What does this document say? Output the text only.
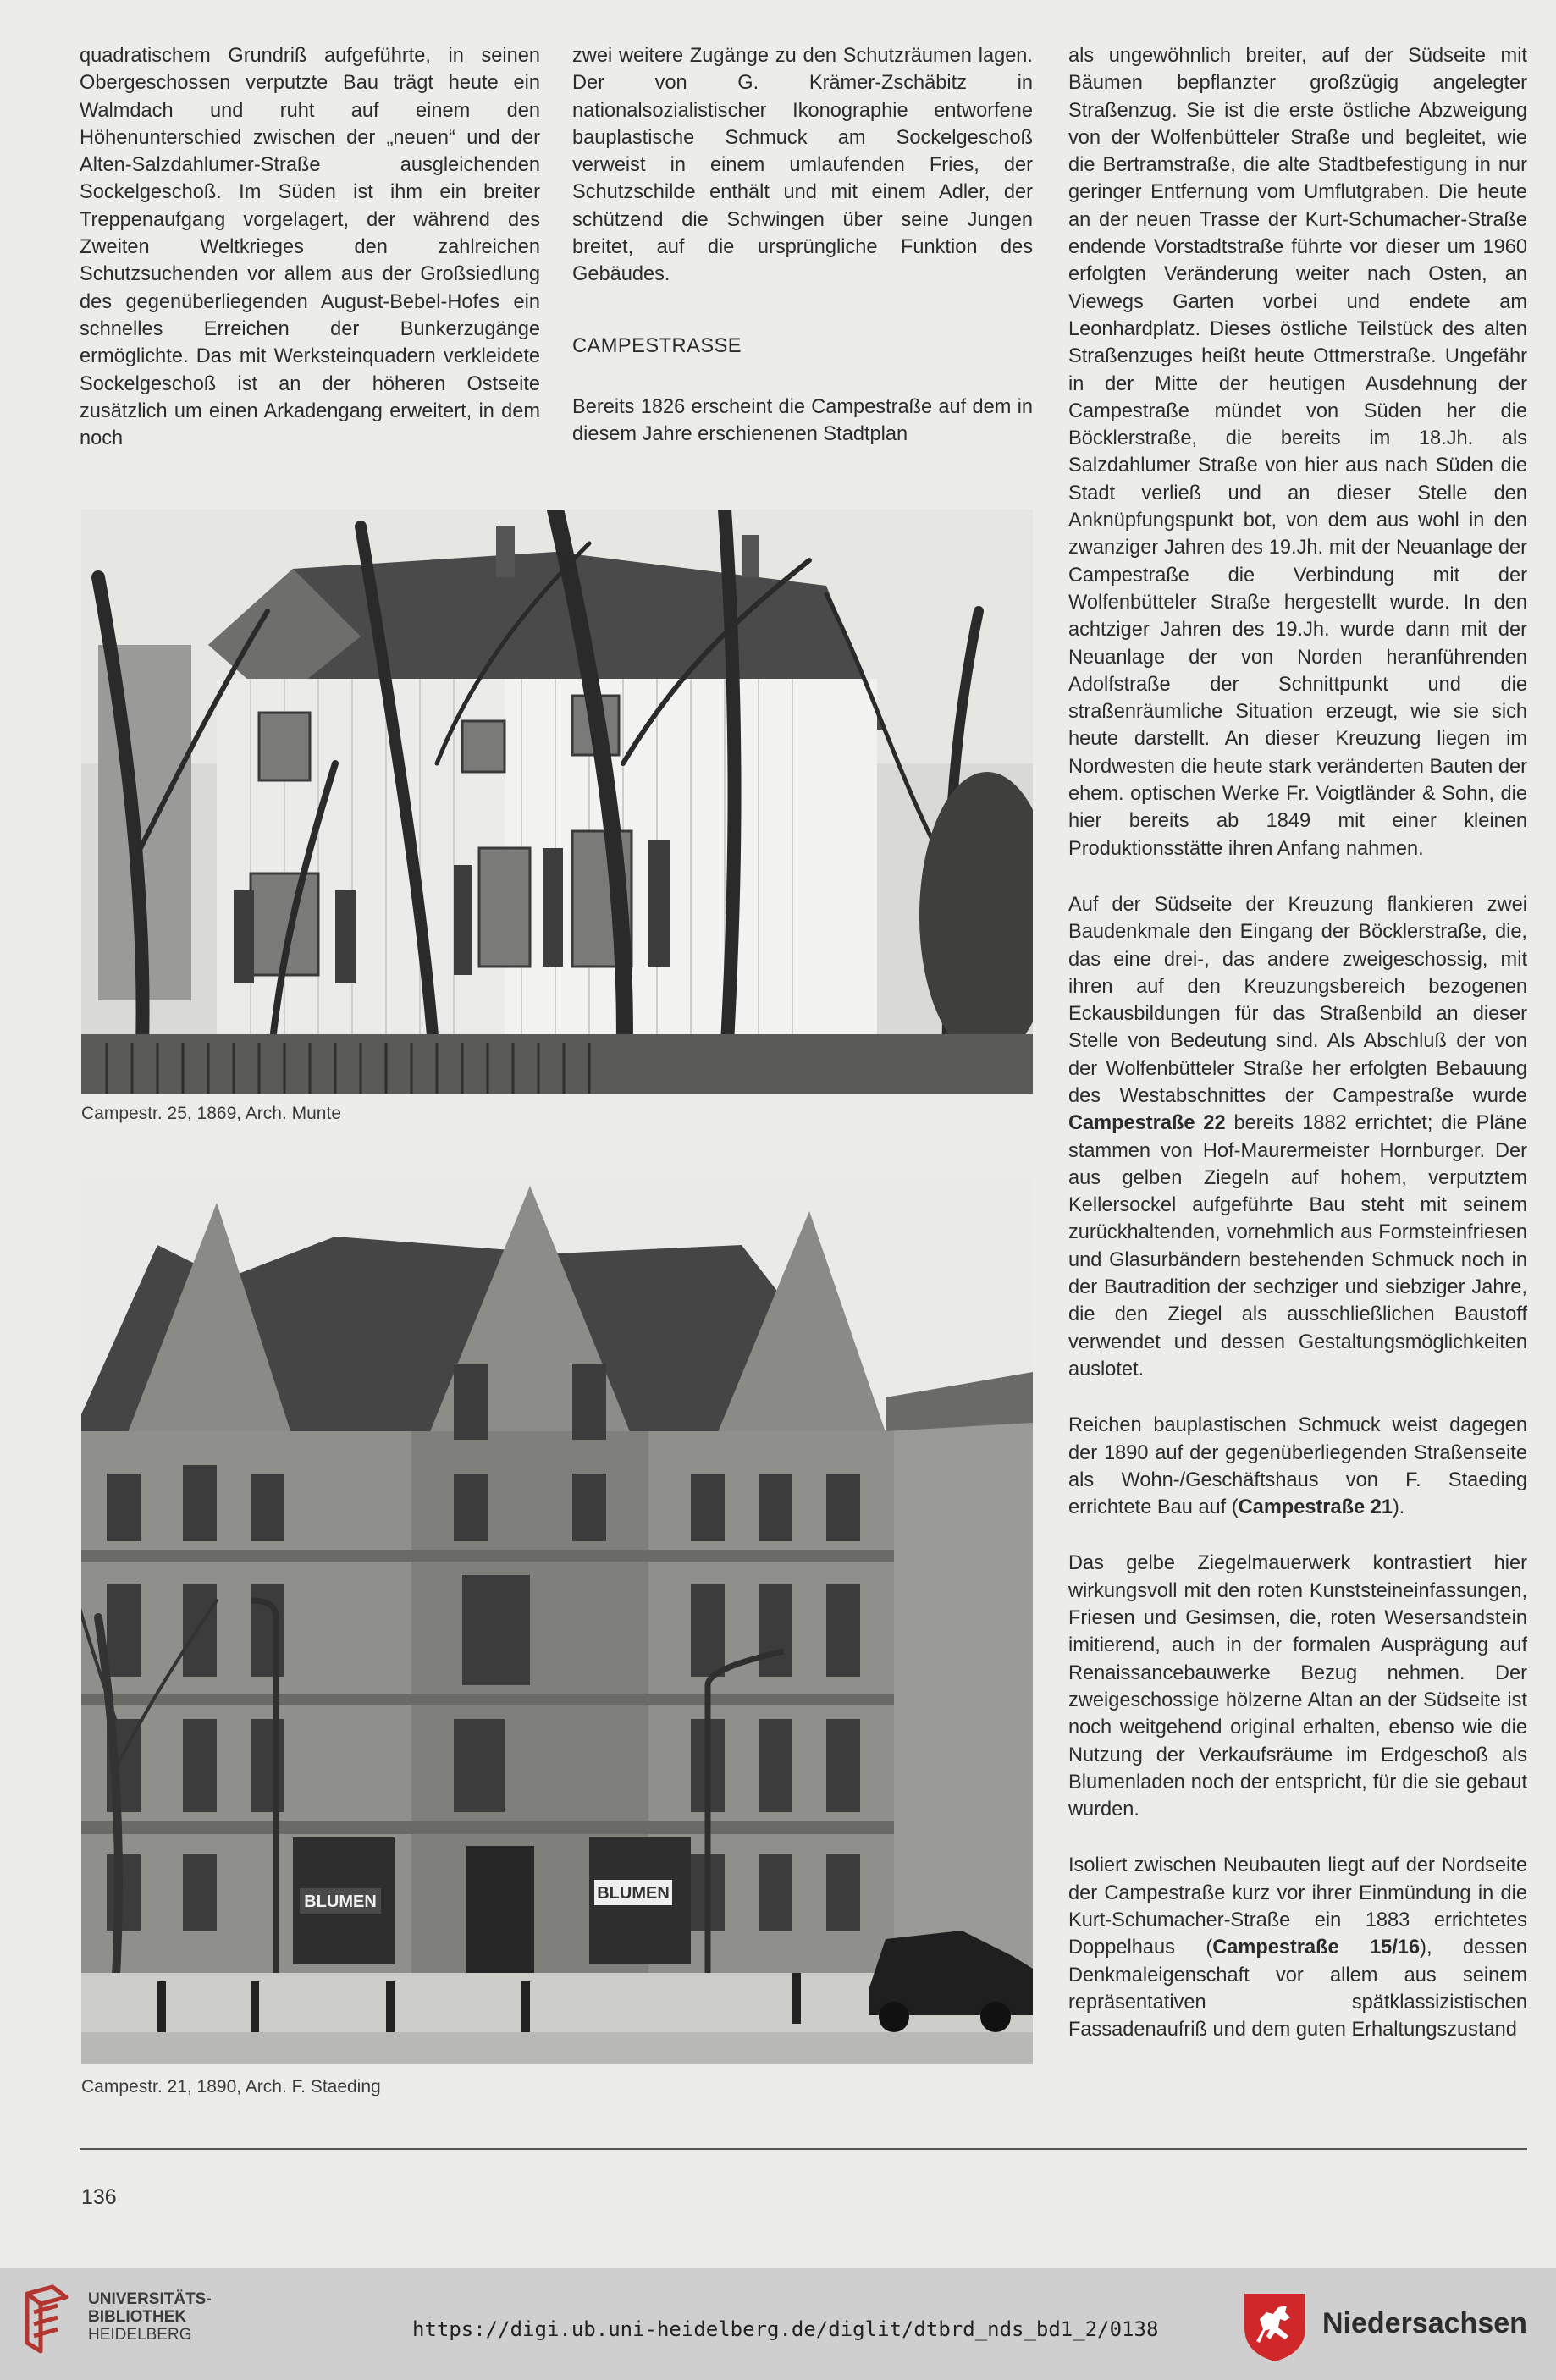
quadratischem Grundriß aufgeführte, in seinen Obergeschossen verputzte Bau trägt heute ein Walmdach und ruht auf einem den Höhenunterschied zwischen der „neuen“ und der Alten-Salzdahlumer-Straße ausgleichenden Sockelgeschoß. Im Süden ist ihm ein breiter Treppenaufgang vorgelagert, der während des Zweiten Weltkrieges den zahlreichen Schutzsuchenden vor allem aus der Großsiedlung des gegenüberliegenden August-Bebel-Hofes ein schnelles Erreichen der Bunkerzugänge ermöglichte. Das mit Werksteinquadern verkleidete Sockelgeschoß ist an der höheren Ostseite zusätzlich um einen Arkadengang erweitert, in dem noch

zwei weitere Zugänge zu den Schutzräumen lagen. Der von G. Krämer-Zschäbitz in nationalsozialistischer Ikonographie entworfene bauplastische Schmuck am Sockelgeschoß verweist in einem umlaufenden Fries, der Schutzschilde enthält und mit einem Adler, der schützend die Schwingen über seine Jungen breitet, auf die ursprüngliche Funktion des Gebäudes.

CAMPESTRASSE

Bereits 1826 erscheint die Campestraße auf dem in diesem Jahre erschienenen Stadtplan

als ungewöhnlich breiter, auf der Südseite mit Bäumen bepflanzter großzügig angelegter Straßenzug. Sie ist die erste östliche Abzweigung von der Wolfenbütteler Straße und begleitet, wie die Bertramstraße, die alte Stadtbefestigung in nur geringer Entfernung vom Umflutgraben. Die heute an der neuen Trasse der Kurt-Schumacher-Straße endende Vorstadtstraße führte vor dieser um 1960 erfolgten Veränderung weiter nach Osten, an Viewegs Garten vorbei und endete am Leonhardplatz. Dieses östliche Teilstück des alten Straßenzuges heißt heute Ottmerstraße. Ungefähr in der Mitte der heutigen Ausdehnung der Campestraße mündet von Süden her die Böcklerstraße, die bereits im 18.Jh. als Salzdahlumer Straße von hier aus nach Süden die Stadt verließ und an dieser Stelle den Anknüpfungspunkt bot, von dem aus wohl in den zwanziger Jahren des 19.Jh. mit der Neuanlage der Campestraße die Verbindung mit der Wolfenbütteler Straße hergestellt wurde. In den achtziger Jahren des 19.Jh. wurde dann mit der Neuanlage der von Norden heranführenden Adolfstraße der Schnittpunkt und die straßenräumliche Situation erzeugt, wie sie sich heute darstellt. An dieser Kreuzung liegen im Nordwesten die heute stark veränderten Bauten der ehem. optischen Werke Fr. Voigtländer & Sohn, die hier bereits ab 1849 mit einer kleinen Produktionsstätte ihren Anfang nahmen.

Auf der Südseite der Kreuzung flankieren zwei Baudenkmale den Eingang der Böcklerstraße, die, das eine drei-, das andere zweigeschossig, mit ihren auf den Kreuzungsbereich bezogenen Eckausbildungen für das Straßenbild an dieser Stelle von Bedeutung sind. Als Abschluß der von der Wolfenbütteler Straße her erfolgten Bebauung des Westabschnittes der Campestraße wurde Campestraße 22 bereits 1882 errichtet; die Pläne stammen von Hof-Maurermeister Hornburger. Der aus gelben Ziegeln auf hohem, verputztem Kellersockel aufgeführte Bau steht mit seinem zurückhaltenden, vornehmlich aus Formsteinfriesen und Glasurbändern bestehenden Schmuck noch in der Bautradition der sechziger und siebziger Jahre, die den Ziegel als ausschließlichen Baustoff verwendet und dessen Gestaltungsmöglichkeiten auslotet.

Reichen bauplastischen Schmuck weist dagegen der 1890 auf der gegenüberliegenden Straßenseite als Wohn-/Geschäftshaus von F. Staeding errichtete Bau auf (Campestraße 21).

Das gelbe Ziegelmauerwerk kontrastiert hier wirkungsvoll mit den roten Kunststeineinfassungen, Friesen und Gesimsen, die, roten Wesersandstein imitierend, auch in der formalen Ausprägung auf Renaissancebauwerke Bezug nehmen. Der zweigeschossige hölzerne Altan an der Südseite ist noch weitgehend original erhalten, ebenso wie die Nutzung der Verkaufsräume im Erdgeschoß als Blumenladen noch der entspricht, für die sie gebaut wurden.

Isoliert zwischen Neubauten liegt auf der Nordseite der Campestraße kurz vor ihrer Einmündung in die Kurt-Schumacher-Straße ein 1883 errichtetes Doppelhaus (Campestraße 15/16), dessen Denkmaleigenschaft vor allem aus seinem repräsentativen spätklassizistischen Fassadenaufriß und dem guten Erhaltungszustand

Campestr. 25, 1869, Arch. Munte
BLUMEN	BLUMEN
Campestr. 21, 1890, Arch. F. Staeding
136
UNIVERSITÄTS-
BIBLIOTHEK
HEIDELBERG	https://digi.ub.uni-heidelberg.de/diglit/dtbrd_nds_bd1_2/0138	Niedersachsen
